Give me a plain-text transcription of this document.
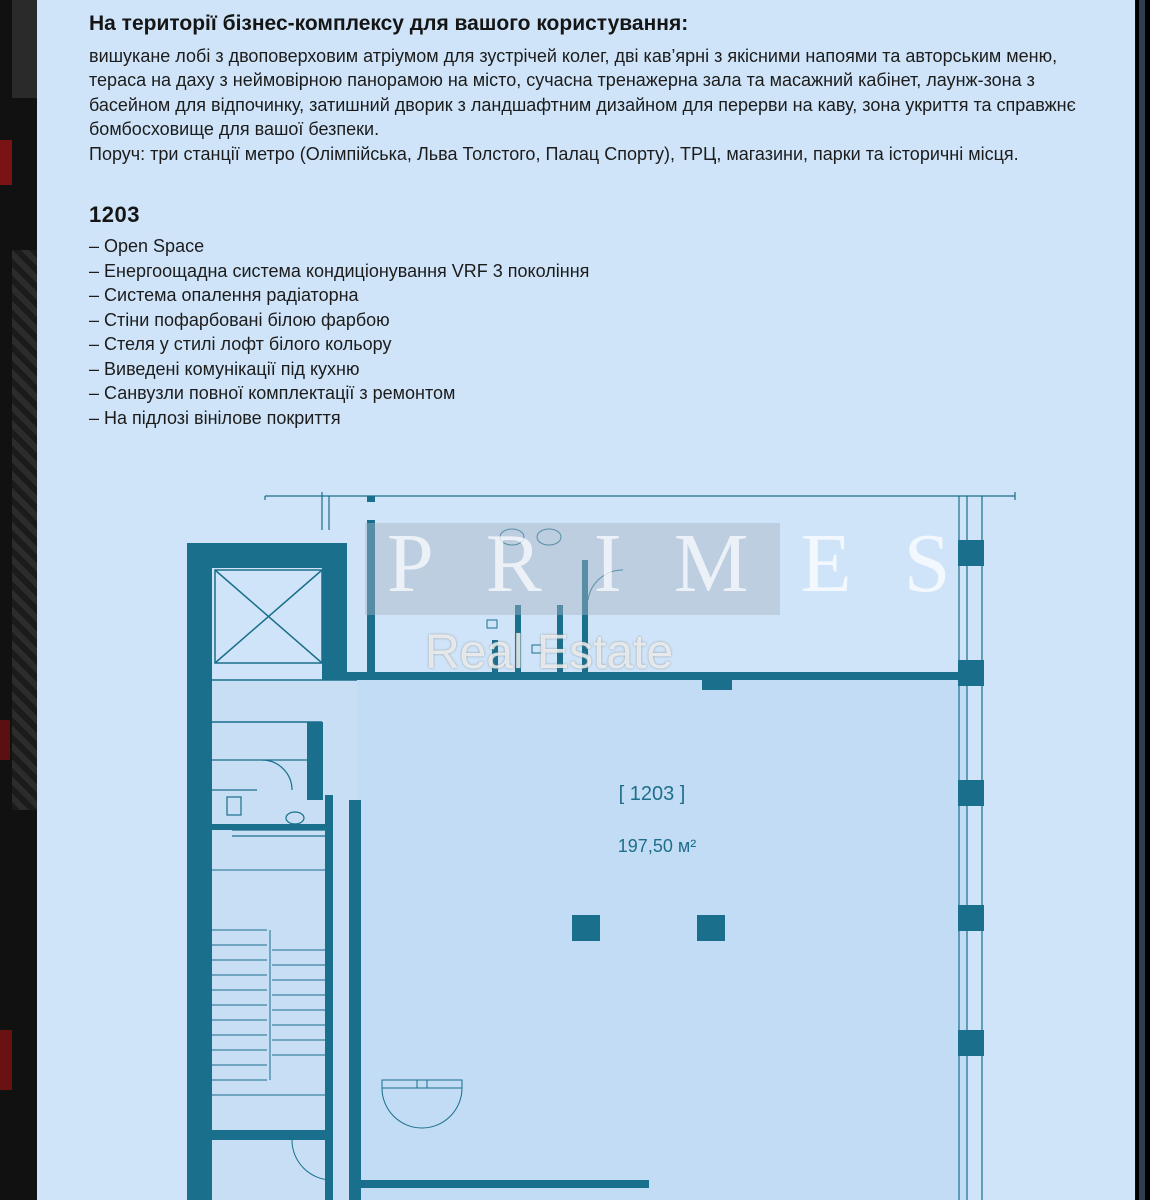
На території бізнес-комплексу для вашого користування:

вишукане лобі з двоповерховим атріумом для зустрічей колег, дві кав’ярні з якісними напоями та авторським меню, тераса на даху з неймовірною панорамою на місто, сучасна тренажерна зала та масажний кабінет, лаунж-зона з басейном для відпочинку, затишний дворик з ландшафтним дизайном для перерви на каву, зона укриття та справжнє бомбосховище для вашої безпеки.

Поруч: три станції метро (Олімпійська, Льва Толстого, Палац Спорту), ТРЦ, магазини, парки та історичні місця.

1203
– Open Space
– Енергоощадна система кондиціонування VRF 3 покоління
– Система опалення радіаторна
– Стіни пофарбовані білою фарбою
– Стеля у стилі лофт білого кольору
– Виведені комунікації під кухню
– Санвузли повної комплектації з ремонтом
– На підлозі вінілове покриття
PRIMES
Real Estate
[ 1203 ]
197,50 м²
